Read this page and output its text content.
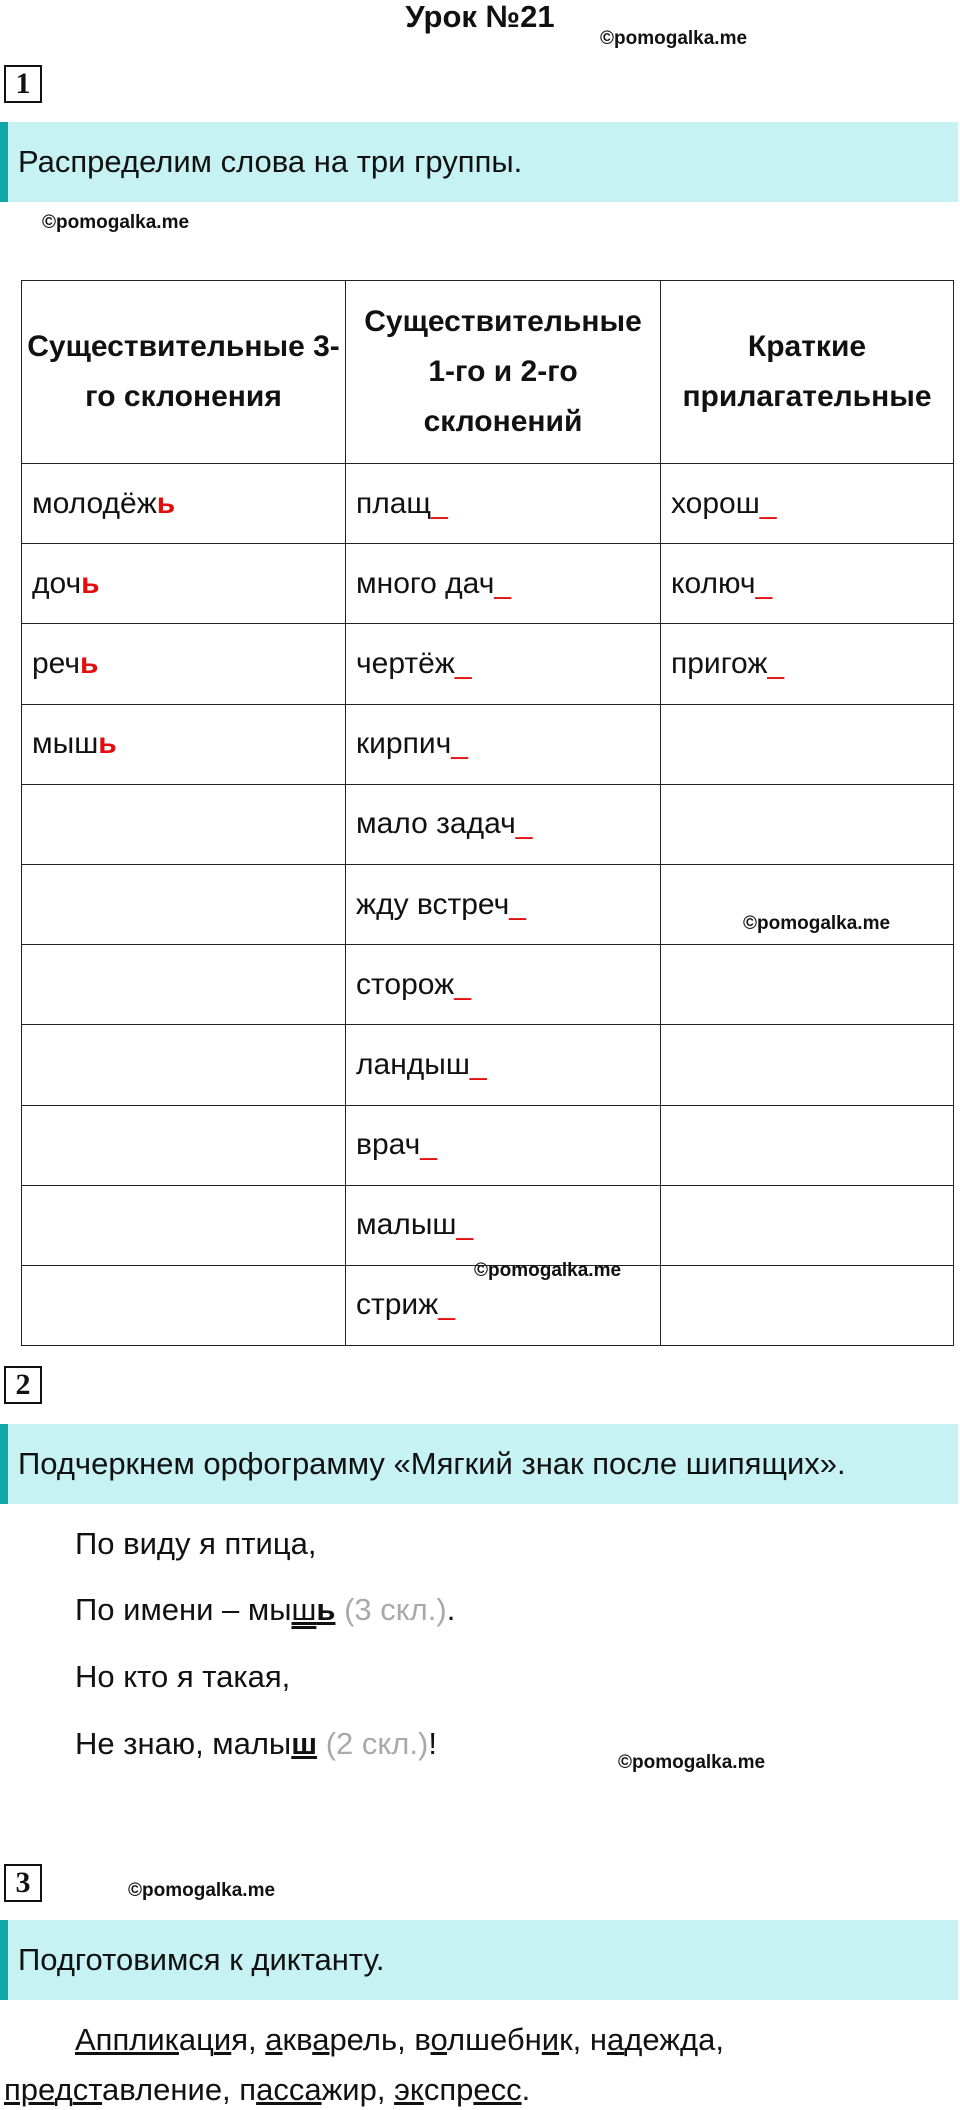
Урок №21
©pomogalka.me
1
Распределим слова на три группы.
©pomogalka.me
Существительные 3-го склонения	Существительные 1-го и 2-го склонений	Краткие прилагательные
молодёжь	плащ_	хорош_
дочь	много дач_	колюч_
речь	чертёж_	пригож_
мышь	кирпич_	
	мало задач_	
	жду встреч_	
	сторож_	
	ландыш_	
	врач_	
	малыш_	
	стриж_	
©pomogalka.me
©pomogalka.me
2
Подчеркнем орфограмму «Мягкий знак после шипящих».
По виду я птица,
По имени – мышь (3 скл.).
Но кто я такая,
Не знаю, малыш (2 скл.)!
©pomogalka.me
3	©pomogalka.me
Подготовимся к диктанту.
Аппликация, акварель, волшебник, надежда,
представление, пассажир, экспресс.
